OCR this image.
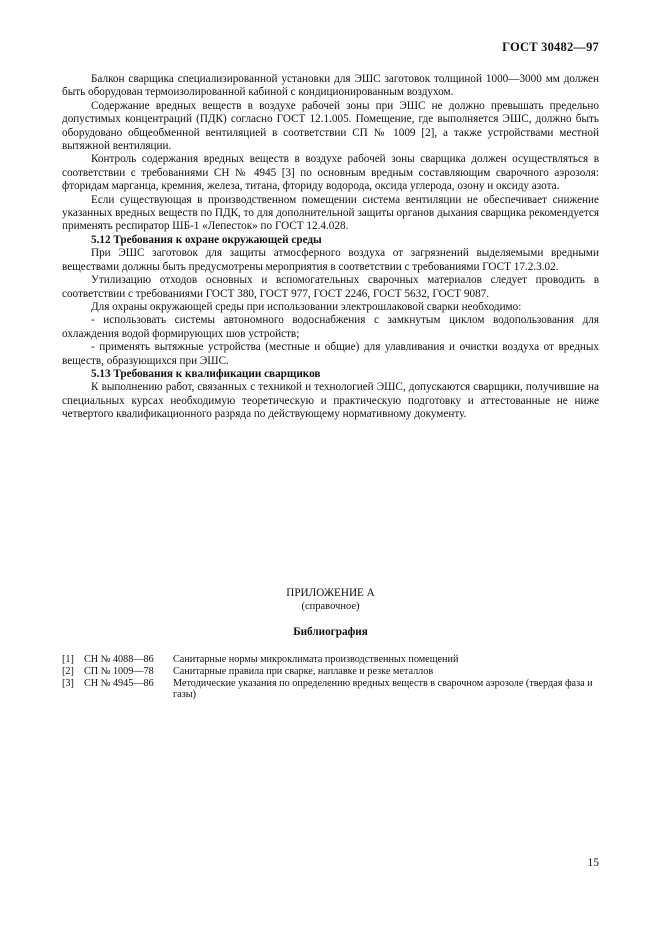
ГОСТ 30482—97

Балкон сварщика специализированной установки для ЭШС заготовок толщиной 1000—3000 мм должен быть оборудован термоизолированной кабиной с кондиционированным воздухом.

Содержание вредных веществ в воздухе рабочей зоны при ЭШС не должно превышать предельно допустимых концентраций (ПДК) согласно ГОСТ 12.1.005. Помещение, где выполняется ЭШС, должно быть оборудовано общеобменной вентиляцией в соответствии СП № 1009 [2], а также устройствами местной вытяжной вентиляции.

Контроль содержания вредных веществ в воздухе рабочей зоны сварщика должен осуществляться в соответствии с требованиями СН № 4945 [3] по основным вредным составляющим сварочного аэрозоля: фторидам марганца, кремния, железа, титана, фториду водорода, оксида углерода, озону и оксиду азота.

Если существующая в производственном помещении система вентиляции не обеспечивает снижение указанных вредных веществ по ПДК, то для дополнительной защиты органов дыхания сварщика рекомендуется применять респиратор ШБ-1 «Лепесток» по ГОСТ 12.4.028.

5.12 Требования к охране окружающей среды

При ЭШС заготовок для защиты атмосферного воздуха от загрязнений выделяемыми вредными веществами должны быть предусмотрены мероприятия в соответствии с требованиями ГОСТ 17.2.3.02.

Утилизацию отходов основных и вспомогательных сварочных материалов следует проводить в соответствии с требованиями ГОСТ 380, ГОСТ 977, ГОСТ 2246, ГОСТ 5632, ГОСТ 9087.

Для охраны окружающей среды при использовании электрошлаковой сварки необходимо:

- использовать системы автономного водоснабжения с замкнутым циклом водопользования для охлаждения водой формирующих шов устройств;

- применять вытяжные устройства (местные и общие) для улавливания и очистки воздуха от вредных веществ, образующихся при ЭШС.

5.13 Требования к квалификации сварщиков

К выполнению работ, связанных с техникой и технологией ЭШС, допускаются сварщики, получившие на специальных курсах необходимую теоретическую и практическую подготовку и аттестованные не ниже четвертого квалификационного разряда по действующему нормативному документу.

ПРИЛОЖЕНИЕ А
(справочное)
Библиография
[1] СН № 4088—86	Санитарные нормы микроклимата производственных помещений
[2] СП № 1009—78	Санитарные правила при сварке, наплавке и резке металлов
[3] СН № 4945—86	Методические указания по определению вредных веществ в сварочном аэрозоле (твердая фаза и газы)
15
